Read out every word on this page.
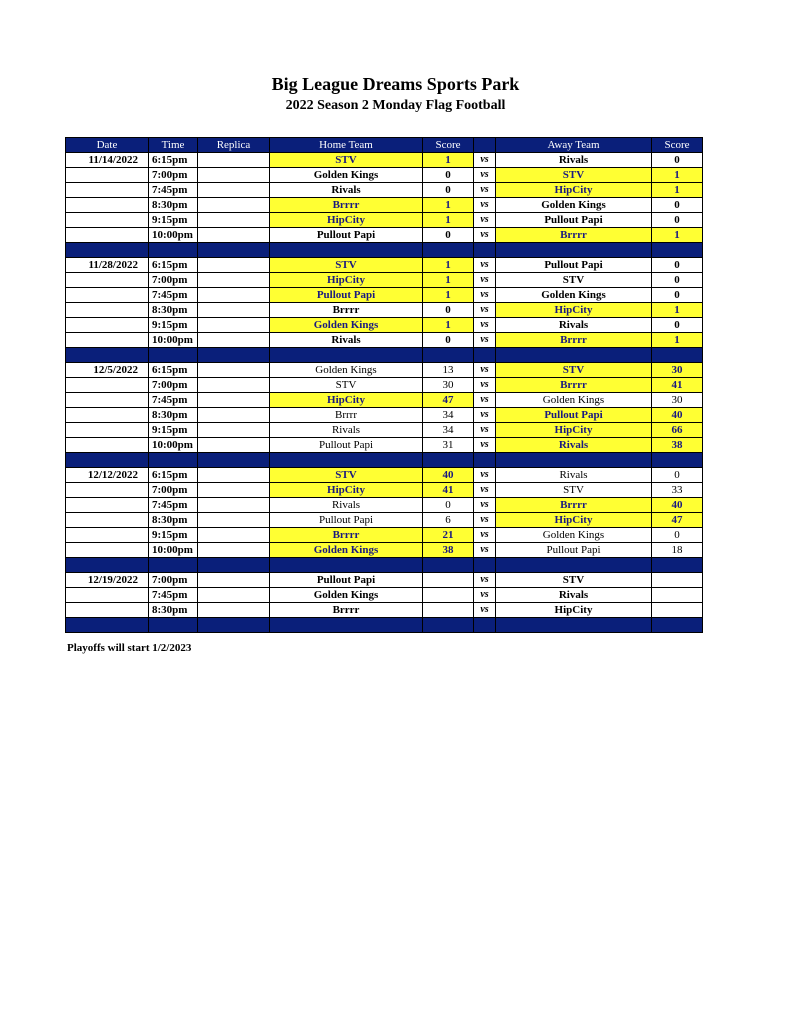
Big League Dreams Sports Park
2022 Season 2 Monday Flag Football
Date	Time	Replica	Home Team	Score		Away Team	Score
11/14/2022	6:15pm		STV	1	vs	Rivals	0
	7:00pm		Golden Kings	0	vs	STV	1
	7:45pm		Rivals	0	vs	HipCity	1
	8:30pm		Brrrr	1	vs	Golden Kings	0
	9:15pm		HipCity	1	vs	Pullout Papi	0
	10:00pm		Pullout Papi	0	vs	Brrrr	1

11/28/2022	6:15pm		STV	1	vs	Pullout Papi	0
	7:00pm		HipCity	1	vs	STV	0
	7:45pm		Pullout Papi	1	vs	Golden Kings	0
	8:30pm		Brrrr	0	vs	HipCity	1
	9:15pm		Golden Kings	1	vs	Rivals	0
	10:00pm		Rivals	0	vs	Brrrr	1

12/5/2022	6:15pm		Golden Kings	13	vs	STV	30
	7:00pm		STV	30	vs	Brrrr	41
	7:45pm		HipCity	47	vs	Golden Kings	30
	8:30pm		Brrrr	34	vs	Pullout Papi	40
	9:15pm		Rivals	34	vs	HipCity	66
	10:00pm		Pullout Papi	31	vs	Rivals	38

12/12/2022	6:15pm		STV	40	vs	Rivals	0
	7:00pm		HipCity	41	vs	STV	33
	7:45pm		Rivals	0	vs	Brrrr	40
	8:30pm		Pullout Papi	6	vs	HipCity	47
	9:15pm		Brrrr	21	vs	Golden Kings	0
	10:00pm		Golden Kings	38	vs	Pullout Papi	18

12/19/2022	7:00pm		Pullout Papi		vs	STV	
	7:45pm		Golden Kings		vs	Rivals	
	8:30pm		Brrrr		vs	HipCity	

Playoffs will start 1/2/2023
